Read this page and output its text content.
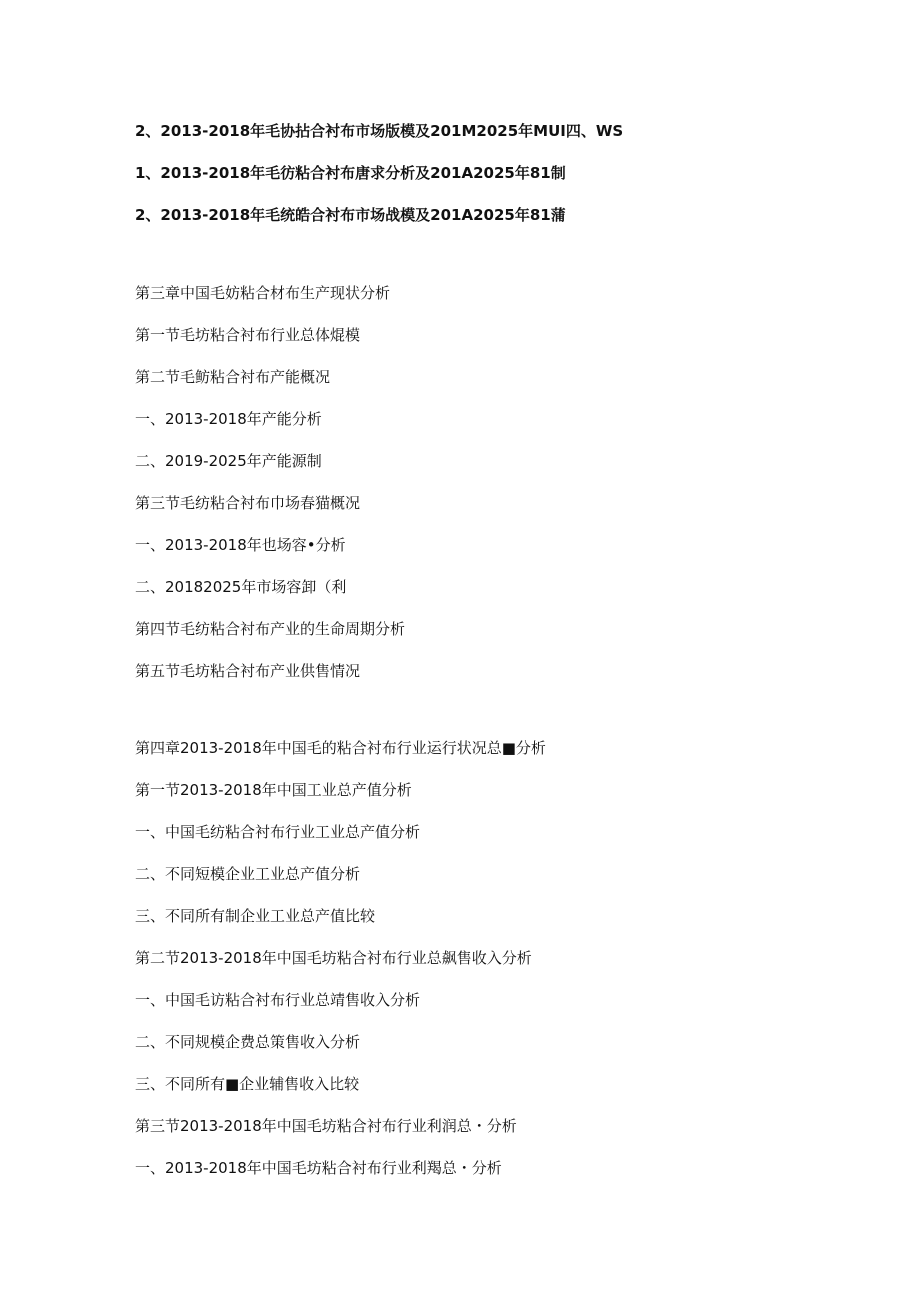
2、2013-2018年毛协拈合衬布市场版模及201M2025年MUI四、WS
1、2013-2018年毛彷粘合衬布唐求分析及201A2025年81制
2、2013-2018年毛统皓合衬布市场战模及201A2025年81蒲
第三章中国毛妨粘合材布生产现状分析
第一节毛坊粘合衬布行业总体焜模
第二节毛鲂粘合衬布产能概况
一、2013-2018年产能分析
二、2019-2025年产能源制
第三节毛纺粘合衬布巾场春猫概况
一、2013-2018年也场容•分析
二、20182025年市场容卸（利
第四节毛纺粘合衬布产业的生命周期分析
第五节毛坊粘合衬布产业供售情况
第四章2013-2018年中国毛的粘合衬布行业运行状况总■分析
第一节2013-2018年中国工业总产值分析
一、中国毛纺粘合衬布行业工业总产值分析
二、不同短模企业工业总产值分析
三、不同所有制企业工业总产值比较
第二节2013-2018年中国毛坊粘合衬布行业总飙售收入分析
一、中国毛访粘合衬布行业总靖售收入分析
二、不同规模企费总策售收入分析
三、不同所有■企业辅售收入比较
第三节2013-2018年中国毛坊粘合衬布行业利润总・分析
一、2013-2018年中国毛坊粘合衬布行业利羯总・分析
